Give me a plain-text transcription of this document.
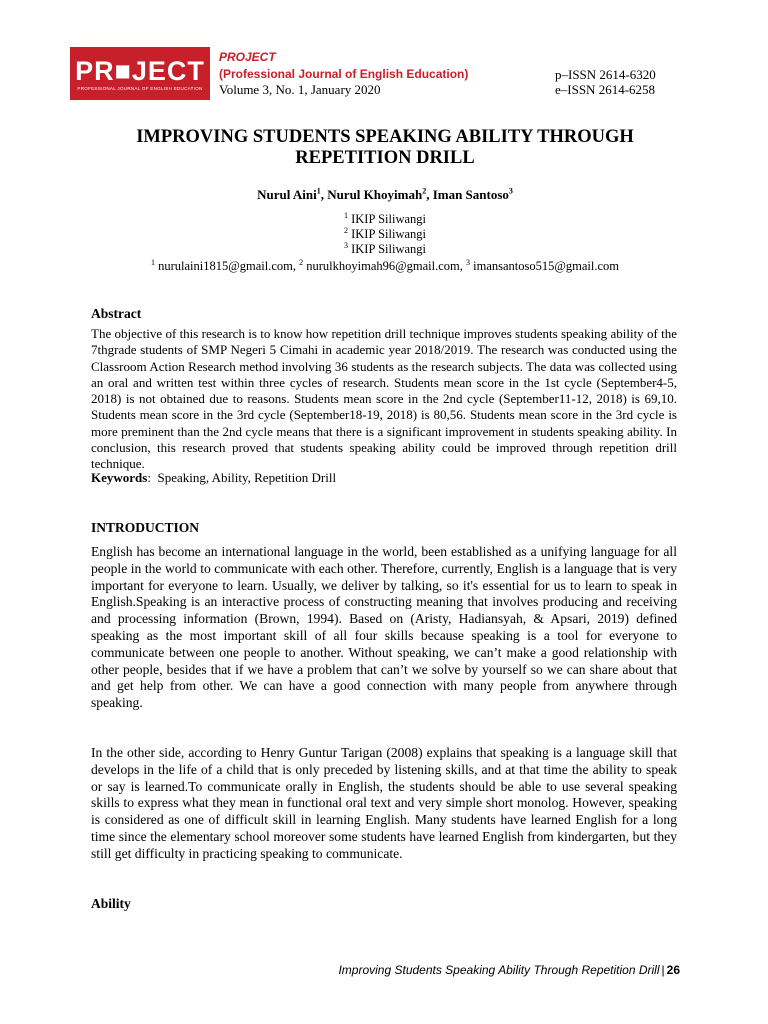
PR■JECT
PROFESSIONAL JOURNAL OF ENGLISH EDUCATION
PROJECT
(Professional Journal of English Education)
Volume 3, No. 1, January 2020
p–ISSN 2614-6320
e–ISSN 2614-6258
IMPROVING STUDENTS SPEAKING ABILITY THROUGH
REPETITION DRILL
Nurul Aini$^1$, Nurul Khoyimah$^2$, Iman Santoso$^3$
$^1$ IKIP Siliwangi
$^2$ IKIP Siliwangi
$^3$ IKIP Siliwangi
$^1$ nurulaini1815@gmail.com, $^2$ nurulkhoyimah96@gmail.com, $^3$ imansantoso515@gmail.com
Abstract

The objective of this research is to know how repetition drill technique improves students speaking ability of the 7thgrade students of SMP Negeri 5 Cimahi in academic year 2018/2019. The research was conducted using the Classroom Action Research method involving 36 students as the research subjects. The data was collected using an oral and written test within three cycles of research. Students mean score in the 1st cycle (September4-5, 2018) is not obtained due to reasons. Students mean score in the 2nd cycle (September11-12, 2018) is 69,10. Students mean score in the 3rd cycle (September18-19, 2018) is 80,56. Students mean score in the 3rd cycle is more preminent than the 2nd cycle means that there is a significant improvement in students speaking ability. In conclusion, this research proved that students speaking ability could be improved through repetition drill technique.

Keywords:  Speaking, Ability, Repetition Drill
INTRODUCTION

English has become an international language in the world, been established as a unifying language for all people in the world to communicate with each other. Therefore, currently, English is a language that is very important for everyone to learn. Usually, we deliver by talking, so it's essential for us to learn to speak in English.Speaking is an interactive process of constructing meaning that involves producing and receiving and processing information (Brown, 1994). Based on (Aristy, Hadiansyah, & Apsari, 2019) defined speaking as the most important skill of all four skills because speaking is a tool for everyone to communicate between one people to another. Without speaking, we can’t make a good relationship with other people, besides that if we have a problem that can’t we solve by yourself so we can share about that and get help from other. We can have a good connection with many people from anywhere through speaking.

In the other side, according to Henry Guntur Tarigan (2008) explains that speaking is a language skill that develops in the life of a child that is only preceded by listening skills, and at that time the ability to speak or say is learned.To communicate orally in English, the students should be able to use several speaking skills to express what they mean in functional oral text and very simple short monolog. However, speaking is considered as one of difficult skill in learning English. Many students have learned English for a long time since the elementary school moreover some students have learned English from kindergarten, but they still get difficulty in practicing speaking to communicate.

Ability
Improving Students Speaking Ability Through Repetition Drill | 26
